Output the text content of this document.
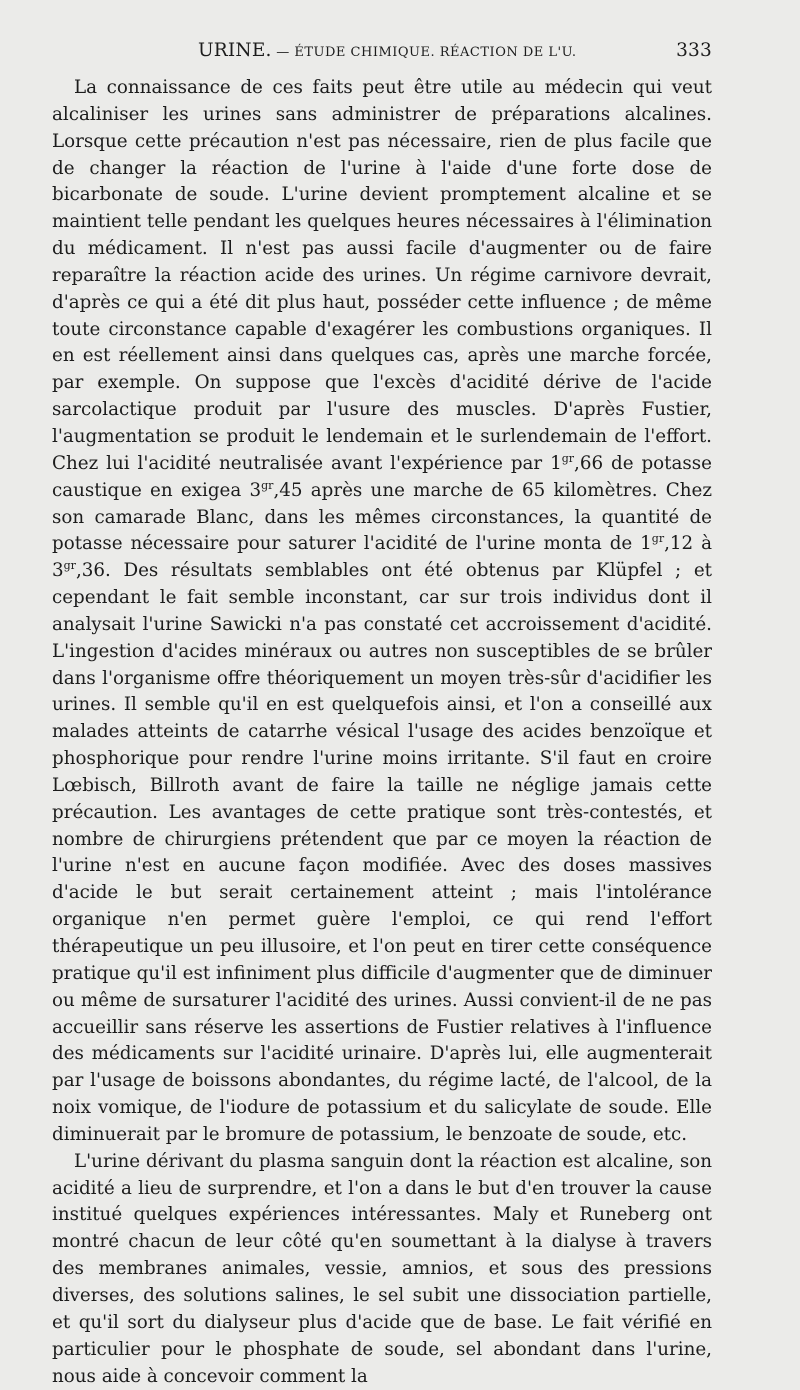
URINE. — ÉTUDE CHIMIQUE. RÉACTION DE L'U.	333

La connaissance de ces faits peut être utile au médecin qui veut alcaliniser les urines sans administrer de préparations alcalines. Lorsque cette précaution n'est pas nécessaire, rien de plus facile que de changer la réaction de l'urine à l'aide d'une forte dose de bicarbonate de soude. L'urine devient promptement alcaline et se maintient telle pendant les quelques heures nécessaires à l'élimination du médicament. Il n'est pas aussi facile d'augmenter ou de faire reparaître la réaction acide des urines. Un régime carnivore devrait, d'après ce qui a été dit plus haut, posséder cette influence ; de même toute circonstance capable d'exagérer les combustions organiques. Il en est réellement ainsi dans quelques cas, après une marche forcée, par exemple. On suppose que l'excès d'acidité dérive de l'acide sarcolactique produit par l'usure des muscles. D'après Fustier, l'augmentation se produit le lendemain et le surlendemain de l'effort. Chez lui l'acidité neutralisée avant l'expérience par $1^{gr},66$ de potasse caustique en exigea $3^{gr},45$ après une marche de 65 kilomètres. Chez son camarade Blanc, dans les mêmes circonstances, la quantité de potasse nécessaire pour saturer l'acidité de l'urine monta de $1^{gr},12$ à $3^{gr},36$. Des résultats semblables ont été obtenus par Klüpfel ; et cependant le fait semble inconstant, car sur trois individus dont il analysait l'urine Sawicki n'a pas constaté cet accroissement d'acidité. L'ingestion d'acides minéraux ou autres non susceptibles de se brûler dans l'organisme offre théoriquement un moyen très-sûr d'acidifier les urines. Il semble qu'il en est quelquefois ainsi, et l'on a conseillé aux malades atteints de catarrhe vésical l'usage des acides benzoïque et phosphorique pour rendre l'urine moins irritante. S'il faut en croire Lœbisch, Billroth avant de faire la taille ne néglige jamais cette précaution. Les avantages de cette pratique sont très-contestés, et nombre de chirurgiens prétendent que par ce moyen la réaction de l'urine n'est en aucune façon modifiée. Avec des doses massives d'acide le but serait certainement atteint ; mais l'intolérance organique n'en permet guère l'emploi, ce qui rend l'effort thérapeutique un peu illusoire, et l'on peut en tirer cette conséquence pratique qu'il est infiniment plus difficile d'augmenter que de diminuer ou même de sursaturer l'acidité des urines. Aussi convient-il de ne pas accueillir sans réserve les assertions de Fustier relatives à l'influence des médicaments sur l'acidité urinaire. D'après lui, elle augmenterait par l'usage de boissons abondantes, du régime lacté, de l'alcool, de la noix vomique, de l'iodure de potassium et du salicylate de soude. Elle diminuerait par le bromure de potassium, le benzoate de soude, etc.

L'urine dérivant du plasma sanguin dont la réaction est alcaline, son acidité a lieu de surprendre, et l'on a dans le but d'en trouver la cause institué quelques expériences intéressantes. Maly et Runeberg ont montré chacun de leur côté qu'en soumettant à la dialyse à travers des membranes animales, vessie, amnios, et sous des pressions diverses, des solutions salines, le sel subit une dissociation partielle, et qu'il sort du dialyseur plus d'acide que de base. Le fait vérifié en particulier pour le phosphate de soude, sel abondant dans l'urine, nous aide à concevoir comment la
